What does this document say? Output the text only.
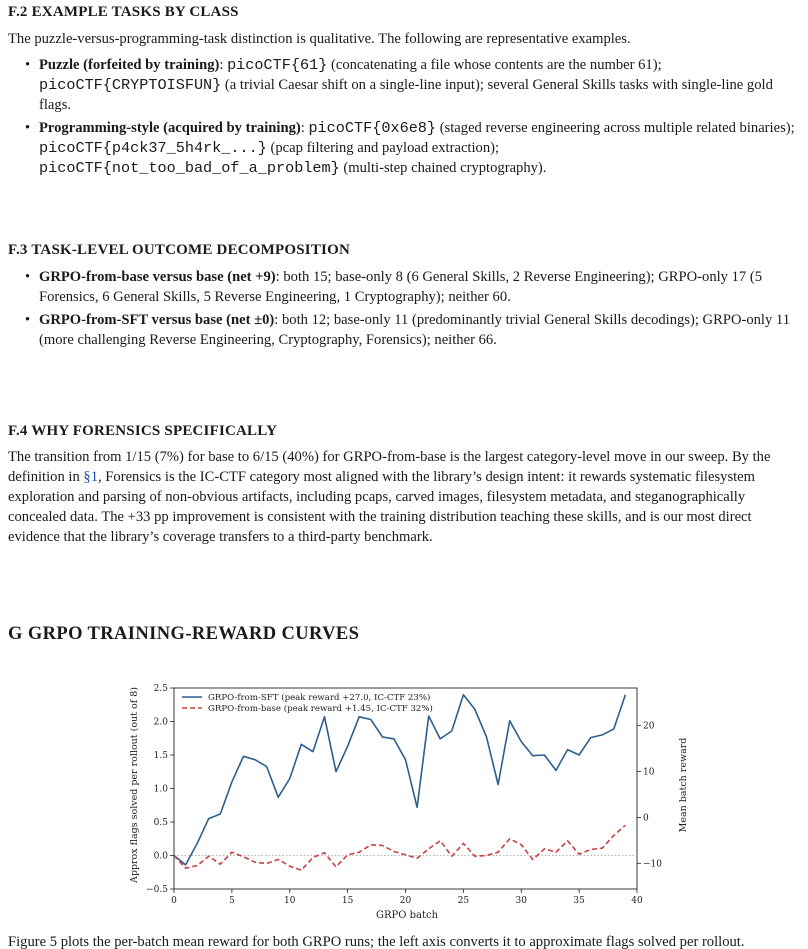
F.2 EXAMPLE TASKS BY CLASS

The puzzle-versus-programming-task distinction is qualitative. The following are representative examples.

• Puzzle (forfeited by training): picoCTF{61} (concatenating a file whose contents are the number 61); picoCTF{CRYPTOISFUN} (a trivial Caesar shift on a single-line input); several General Skills tasks with single-line gold flags.
• Programming-style (acquired by training): picoCTF{0x6e8} (staged reverse engineering across multiple related binaries); picoCTF{p4ck37_5h4rk_...} (pcap filtering and payload extraction); picoCTF{not_too_bad_of_a_problem} (multi-step chained cryptography).
F.3 TASK-LEVEL OUTCOME DECOMPOSITION
• GRPO-from-base versus base (net +9): both 15; base-only 8 (6 General Skills, 2 Reverse Engineering); GRPO-only 17 (5 Forensics, 6 General Skills, 5 Reverse Engineering, 1 Cryptography); neither 60.
• GRPO-from-SFT versus base (net ±0): both 12; base-only 11 (predominantly trivial General Skills decodings); GRPO-only 11 (more challenging Reverse Engineering, Cryptography, Forensics); neither 66.
F.4 WHY FORENSICS SPECIFICALLY

The transition from 1/15 (7%) for base to 6/15 (40%) for GRPO-from-base is the largest category-level move in our sweep. By the definition in §1, Forensics is the IC-CTF category most aligned with the library’s design intent: it rewards systematic filesystem exploration and parsing of non-obvious artifacts, including pcaps, carved images, filesystem metadata, and steganographically concealed data. The +33 pp improvement is consistent with the training distribution teaching these skills, and is our most direct evidence that the library’s coverage transfers to a third-party benchmark.

G GRPO TRAINING-REWARD CURVES
0	5	10	15	20	25	30	35	40
−0.5
0.0
0.5
1.0
1.5
2.0
2.5
−10
0
10
20
GRPO-from-SFT (peak reward +27.0, IC-CTF 23%)
GRPO-from-base (peak reward +1.45, IC-CTF 32%)
GRPO batch
Approx flags solved per rollout (out of 8)	Mean batch reward

Figure 5 plots the per-batch mean reward for both GRPO runs; the left axis converts it to approximate flags solved per rollout.
